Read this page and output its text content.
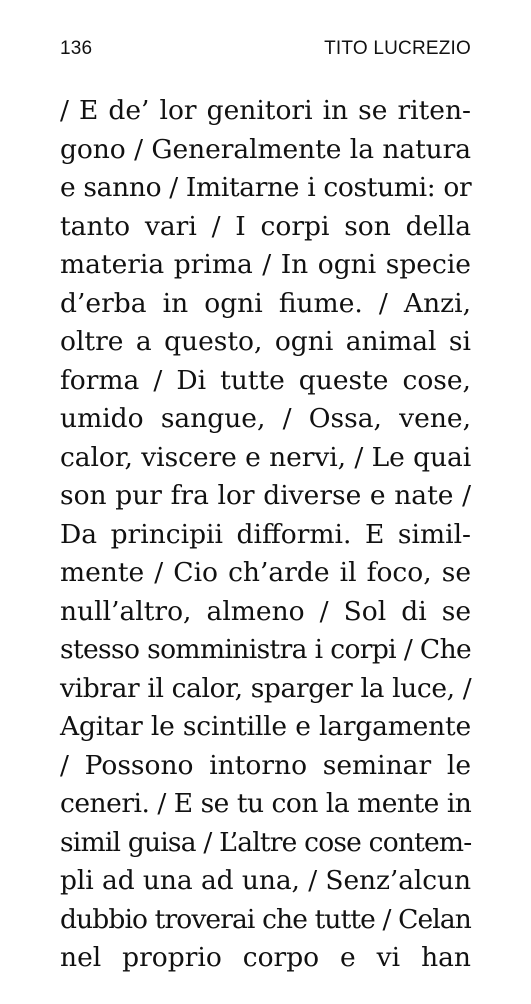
136	TITO LUCREZIO
/ E de’ lor genitori in se riten-
gono / Generalmente la natura
e sanno / Imitarne i costumi: or
tanto vari / I corpi son della
materia prima / In ogni specie
d’erba in ogni fiume. / Anzi,
oltre a questo, ogni animal si
forma / Di tutte queste cose,
umido sangue, / Ossa, vene,
calor, viscere e nervi, / Le quai
son pur fra lor diverse e nate /
Da principii difformi. E simil-
mente / Cio ch’arde il foco, se
null’altro, almeno / Sol di se
stesso somministra i corpi / Che
vibrar il calor, sparger la luce, /
Agitar le scintille e largamente
/ Possono intorno seminar le
ceneri. / E se tu con la mente in
simil guisa / L’altre cose contem-
pli ad una ad una, / Senz’alcun
dubbio troverai che tutte / Celan
nel proprio corpo e vi han
